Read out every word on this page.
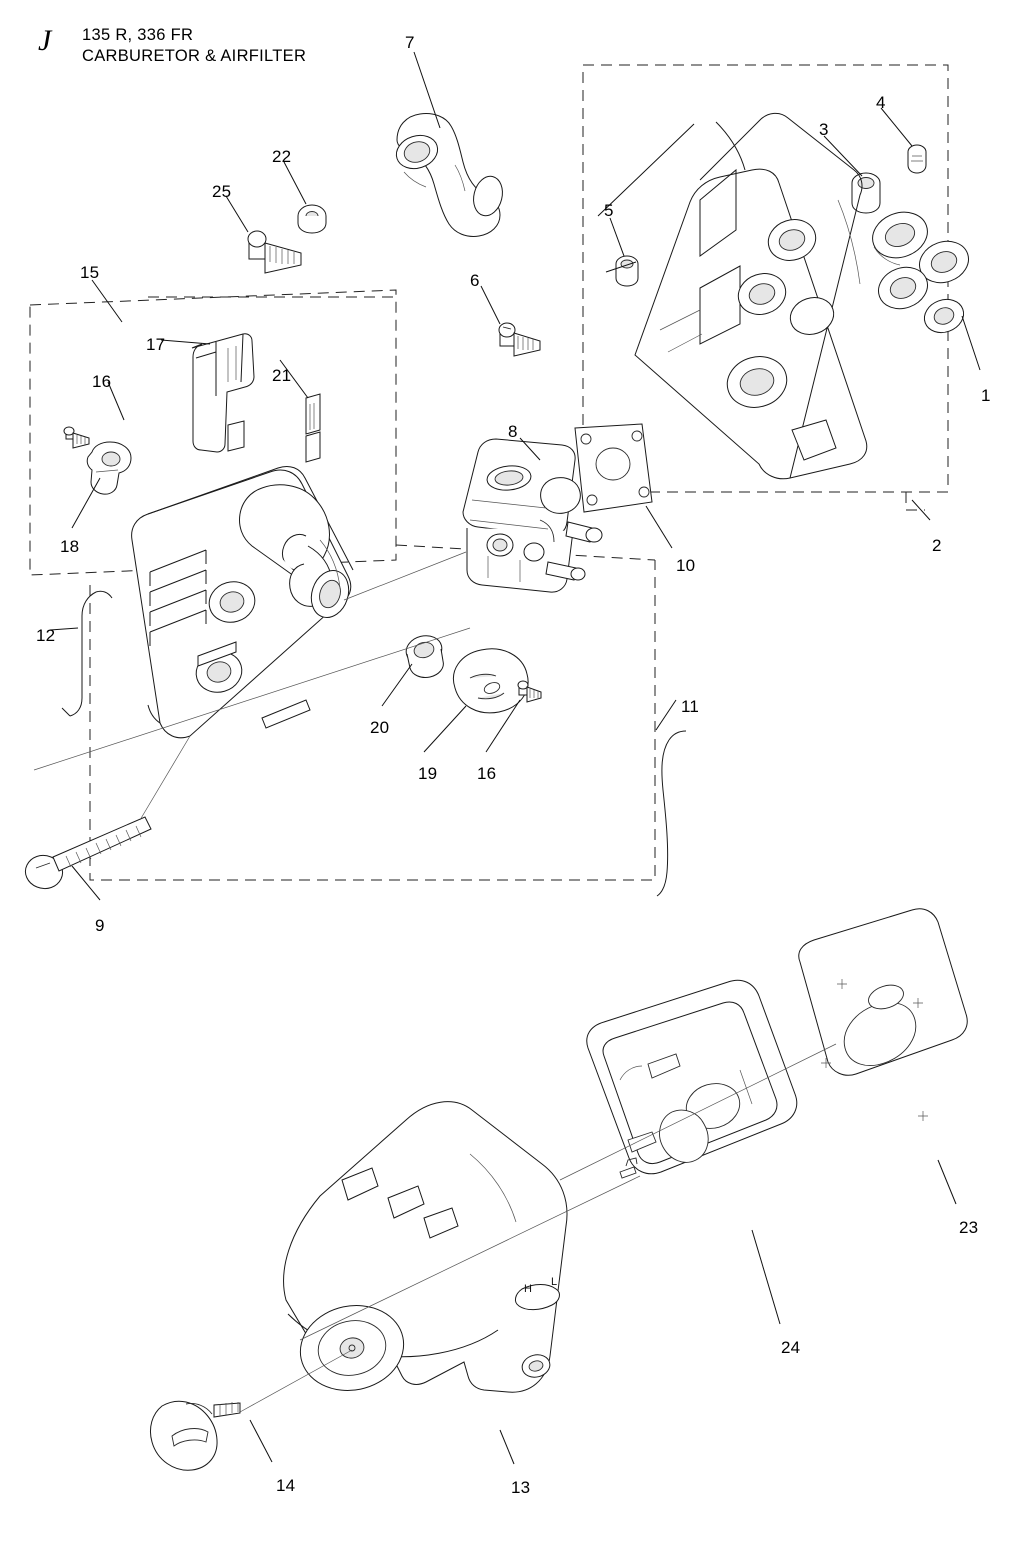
J 135 R, 336 FR
CARBURETOR & AIRFILTER
H
L
1
2
3
4
5
6
7
8
9
10
11
12
13
14
15
16
16
17
18
19
20
21
22
23
24
25
